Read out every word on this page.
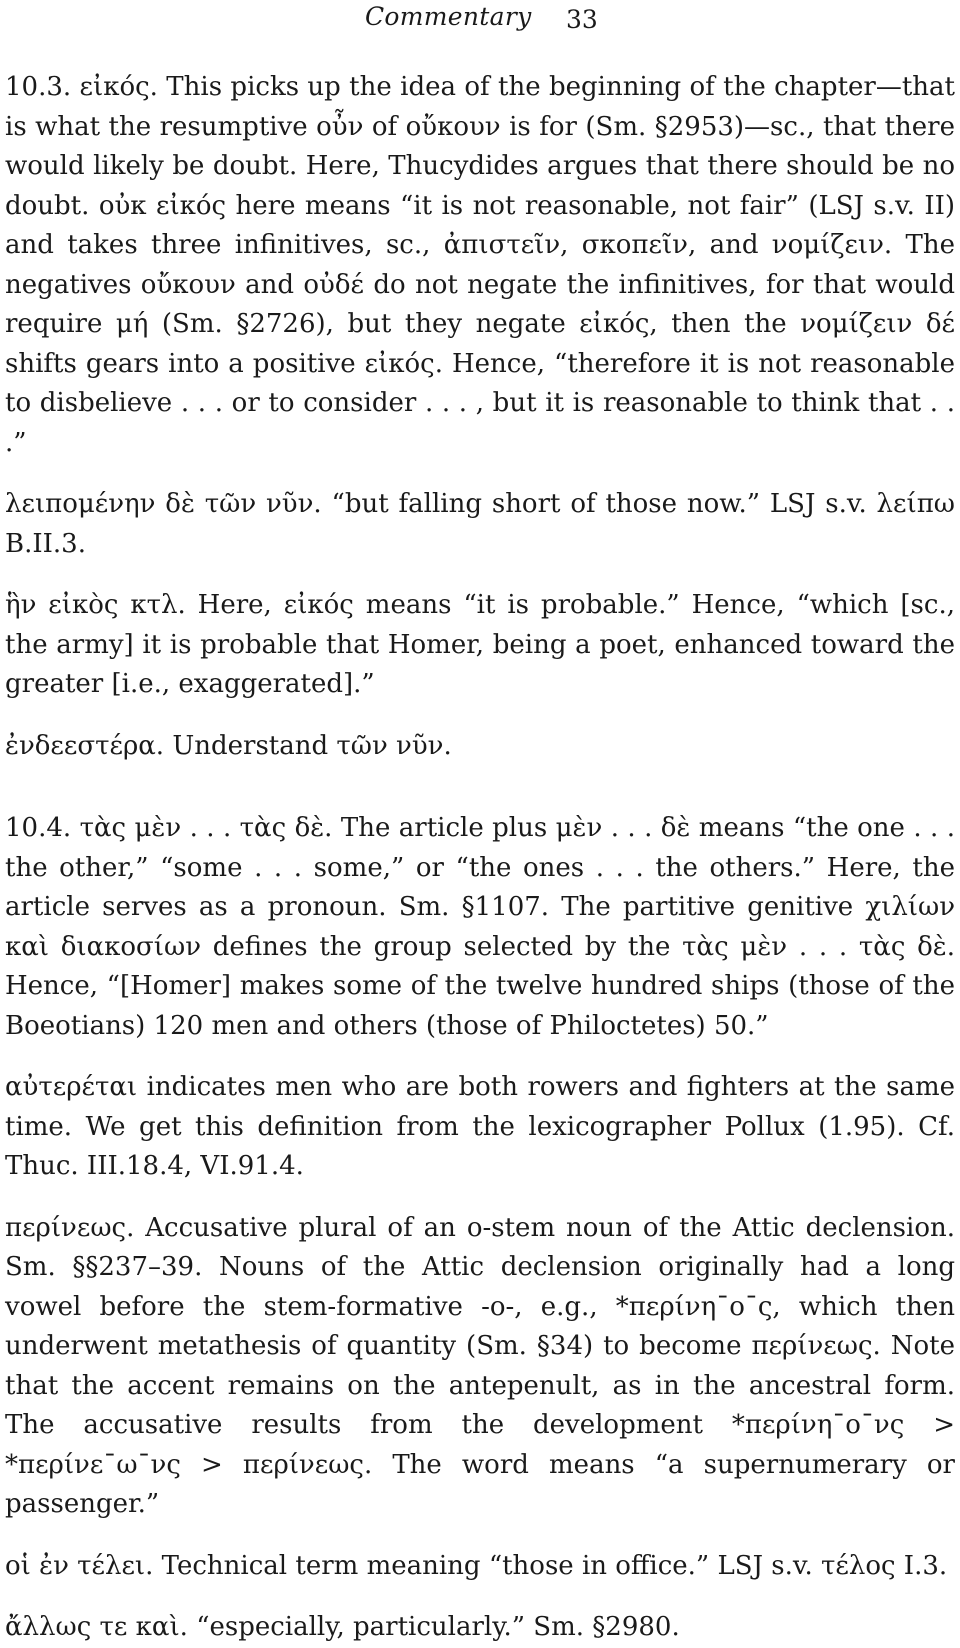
Commentary 33

10.3. εἰκός. This picks up the idea of the beginning of the chapter—that is what the resumptive οὖν of οὔκουν is for (Sm. §2953)—sc., that there would likely be doubt. Here, Thucydides argues that there should be no doubt. οὐκ εἰκός here means “it is not reasonable, not fair” (LSJ s.v. II) and takes three infinitives, sc., ἀπιστεῖν, σκοπεῖν, and νομίζειν. The negatives οὔκουν and οὐδέ do not negate the infinitives, for that would require μή (Sm. §2726), but they negate εἰκός, then the νομίζειν δέ shifts gears into a positive εἰκός. Hence, “therefore it is not reasonable to disbelieve . . . or to consider . . . , but it is reasonable to think that . . .”

λειπομένην δὲ τῶν νῦν. “but falling short of those now.” LSJ s.v. λείπω B.II.3.

ἣν εἰκὸς κτλ. Here, εἰκός means “it is probable.” Hence, “which [sc., the army] it is probable that Homer, being a poet, enhanced toward the greater [i.e., exaggerated].”

ἐνδεεστέρα. Understand τῶν νῦν.

10.4. τὰς μὲν . . . τὰς δὲ. The article plus μὲν . . . δὲ means “the one . . . the other,” “some . . . some,” or “the ones . . . the others.” Here, the article serves as a pronoun. Sm. §1107. The partitive genitive χιλίων καὶ διακοσίων defines the group selected by the τὰς μὲν . . . τὰς δὲ. Hence, “[Homer] makes some of the twelve hundred ships (those of the Boeotians) 120 men and others (those of Philoctetes) 50.”

αὐτερέται indicates men who are both rowers and fighters at the same time. We get this definition from the lexicographer Pollux (1.95). Cf. Thuc. III.18.4, VI.91.4.

περίνεως. Accusative plural of an o-stem noun of the Attic declension. Sm. §§237–39. Nouns of the Attic declension originally had a long vowel before the stem-formative -o-, e.g., *περίνη¯ο¯ς, which then underwent metathesis of quantity (Sm. §34) to become περίνεως. Note that the accent remains on the antepenult, as in the ancestral form. The accusative results from the development *περίνη¯ο¯νς > *περίνε¯ω¯νς > περίνεως. The word means “a supernumerary or passenger.”

οἱ ἐν τέλει. Technical term meaning “those in office.” LSJ s.v. τέλος I.3.

ἄλλως τε καὶ. “especially, particularly.” Sm. §2980.
